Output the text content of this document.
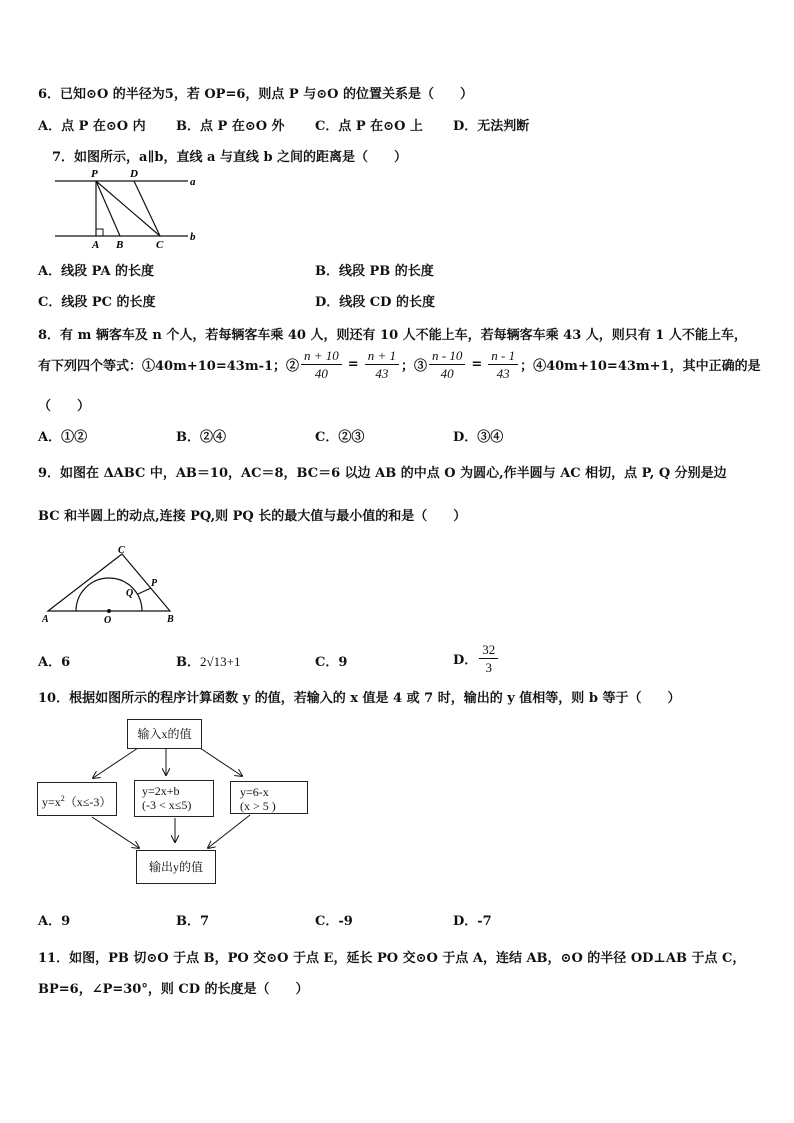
6．已知⊙O 的半径为5，若 OP=6，则点 P 与⊙O 的位置关系是（　　）
A．点 P 在⊙O 内 B．点 P 在⊙O 外 C．点 P 在⊙O 上 D．无法判断
7．如图所示，a∥b，直线 a 与直线 b 之间的距离是（　　）
P	D
a
b
A B	C
A．线段 PA 的长度	B．线段 PB 的长度
C．线段 PC 的长度	D．线段 CD 的长度
8．有 m 辆客车及 n 个人，若每辆客车乘 40 人，则还有 10 人不能上车，若每辆客车乘 43 人，则只有 1 人不能上车，
有下列四个等式：①40m+10=43m-1；② $\frac{n + 10}{40} = \frac{n + 1}{43}$ ；③ $\frac{n - 10}{40} = \frac{n - 1}{43}$ ；④40m+10=43m+1，其中正确的是
（　　）
A．①②	B．②④	C．②③	D．③④
9．如图在 ΔABC 中，AB＝10，AC＝8，BC＝6 以边 AB 的中点 O 为圆心,作半圆与 AC 相切，点 P, Q 分别是边
BC 和半圆上的动点,连接 PQ,则 PQ 长的最大值与最小值的和是（　　）
C
P
Q
A	O	B
A．6	B．2√13+1	C．9	D． $\frac{32}{3}$
10．根据如图所示的程序计算函数 y 的值，若输入的 x 值是 4 或 7 时，输出的 y 值相等，则 b 等于（　　）
输入x的值
$y=x^2(x\le-3)$
y=2x+b
(-3 < x≤5)
y=6-x
(x > 5 )
输出y的值
A．9	B．7	C．-9	D．-7
11．如图，PB 切⊙O 于点 B，PO 交⊙O 于点 E，延长 PO 交⊙O 于点 A，连结 AB，⊙O 的半径 OD⊥AB 于点 C，
BP=6，∠P=30°，则 CD 的长度是（　　）
